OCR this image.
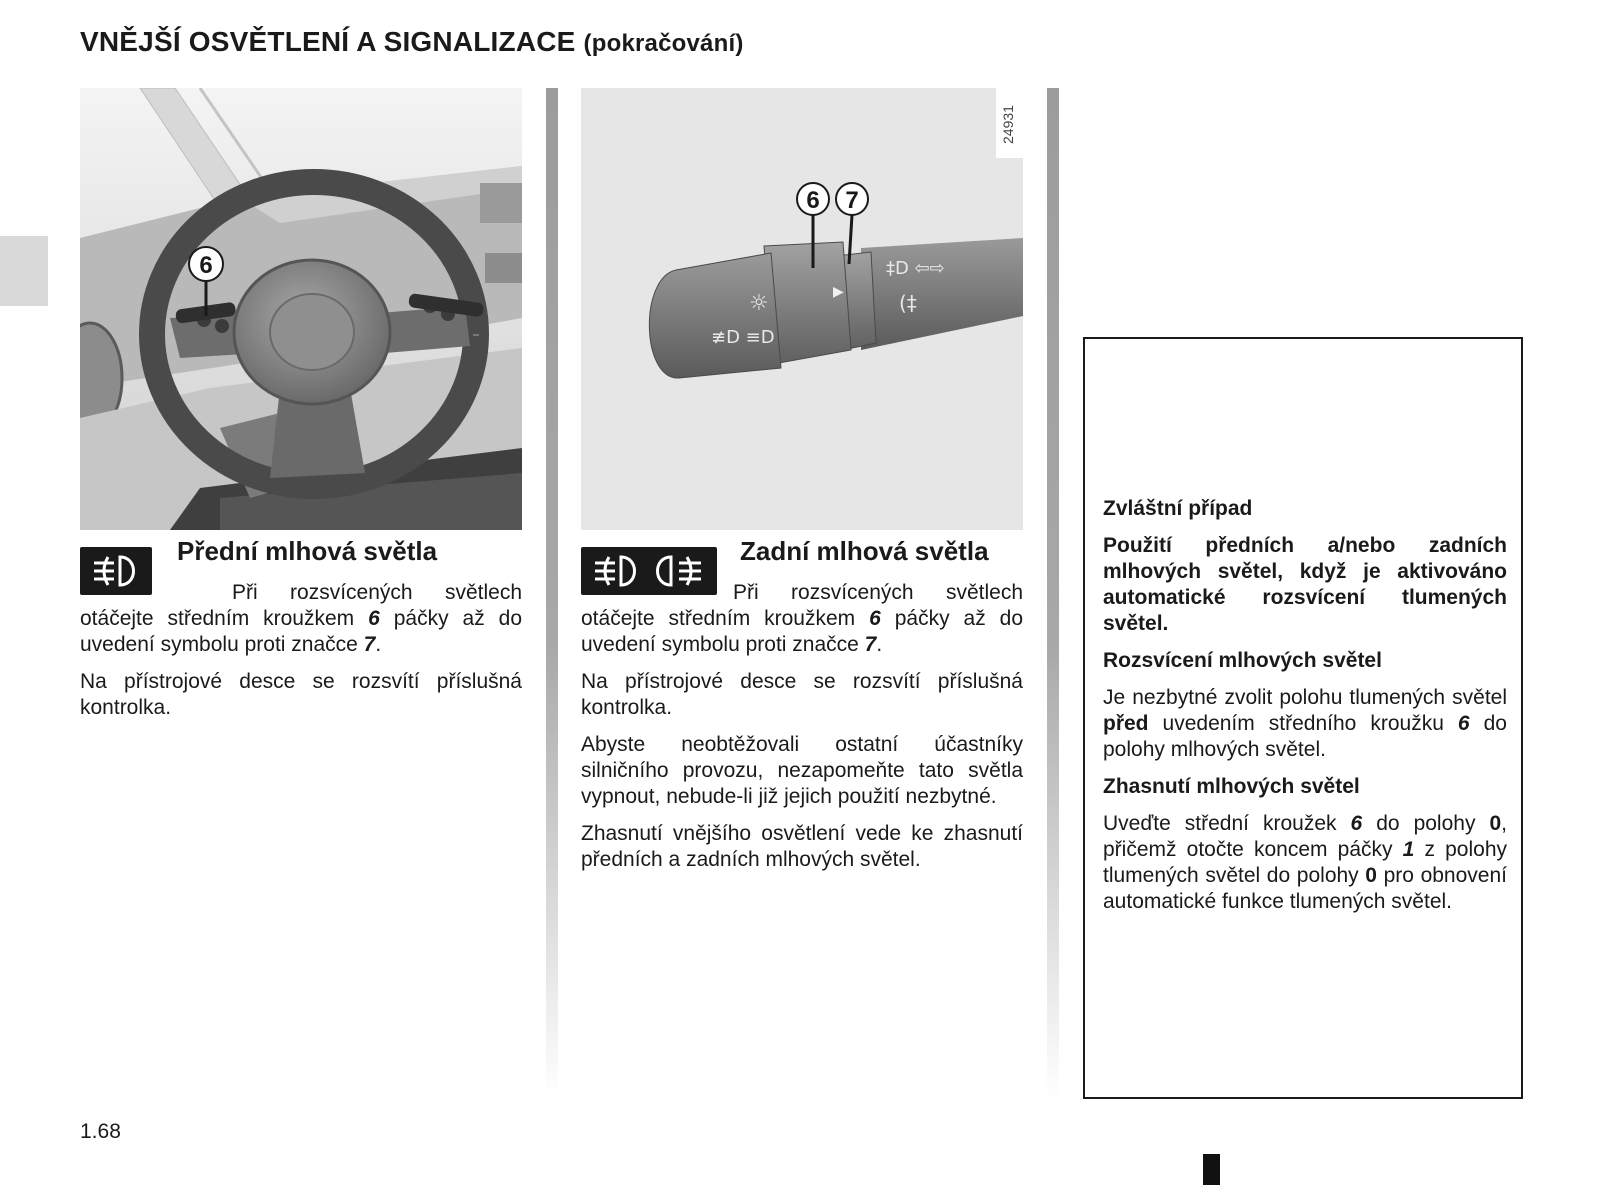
VNĚJŠÍ OSVĚTLENÍ A SIGNALIZACE (pokračování)
6
☼
≢D ≡D
‡D ⇦⇨
(‡
▶
6 7
24931
Přední mlhová světla

Při rozsvícených světlech otáčejte středním kroužkem 6 páčky až do uvedení symbolu proti značce 7.

Na přístrojové desce se rozsvítí příslušná kontrolka.

Zadní mlhová světla

Při rozsvícených světlech otáčejte středním kroužkem 6 páčky až do uvedení symbolu proti značce 7.

Na přístrojové desce se rozsvítí příslušná kontrolka.

Abyste neobtěžovali ostatní účastníky silničního provozu, nezapomeňte tato světla vypnout, nebude-li již jejich použití nezbytné.

Zhasnutí vnějšího osvětlení vede ke zhasnutí předních a zadních mlhových světel.

Zvláštní případ

Použití předních a/nebo zadních mlhových světel, když je aktivováno automatické rozsvícení tlumených světel.

Rozsvícení mlhových světel

Je nezbytné zvolit polohu tlumených světel před uvedením středního kroužku 6 do polohy mlhových světel.

Zhasnutí mlhových světel

Uveďte střední kroužek 6 do polohy 0, přičemž otočte koncem páčky 1 z polohy tlumených světel do polohy 0 pro obnovení automatické funkce tlumených světel.

1.68
